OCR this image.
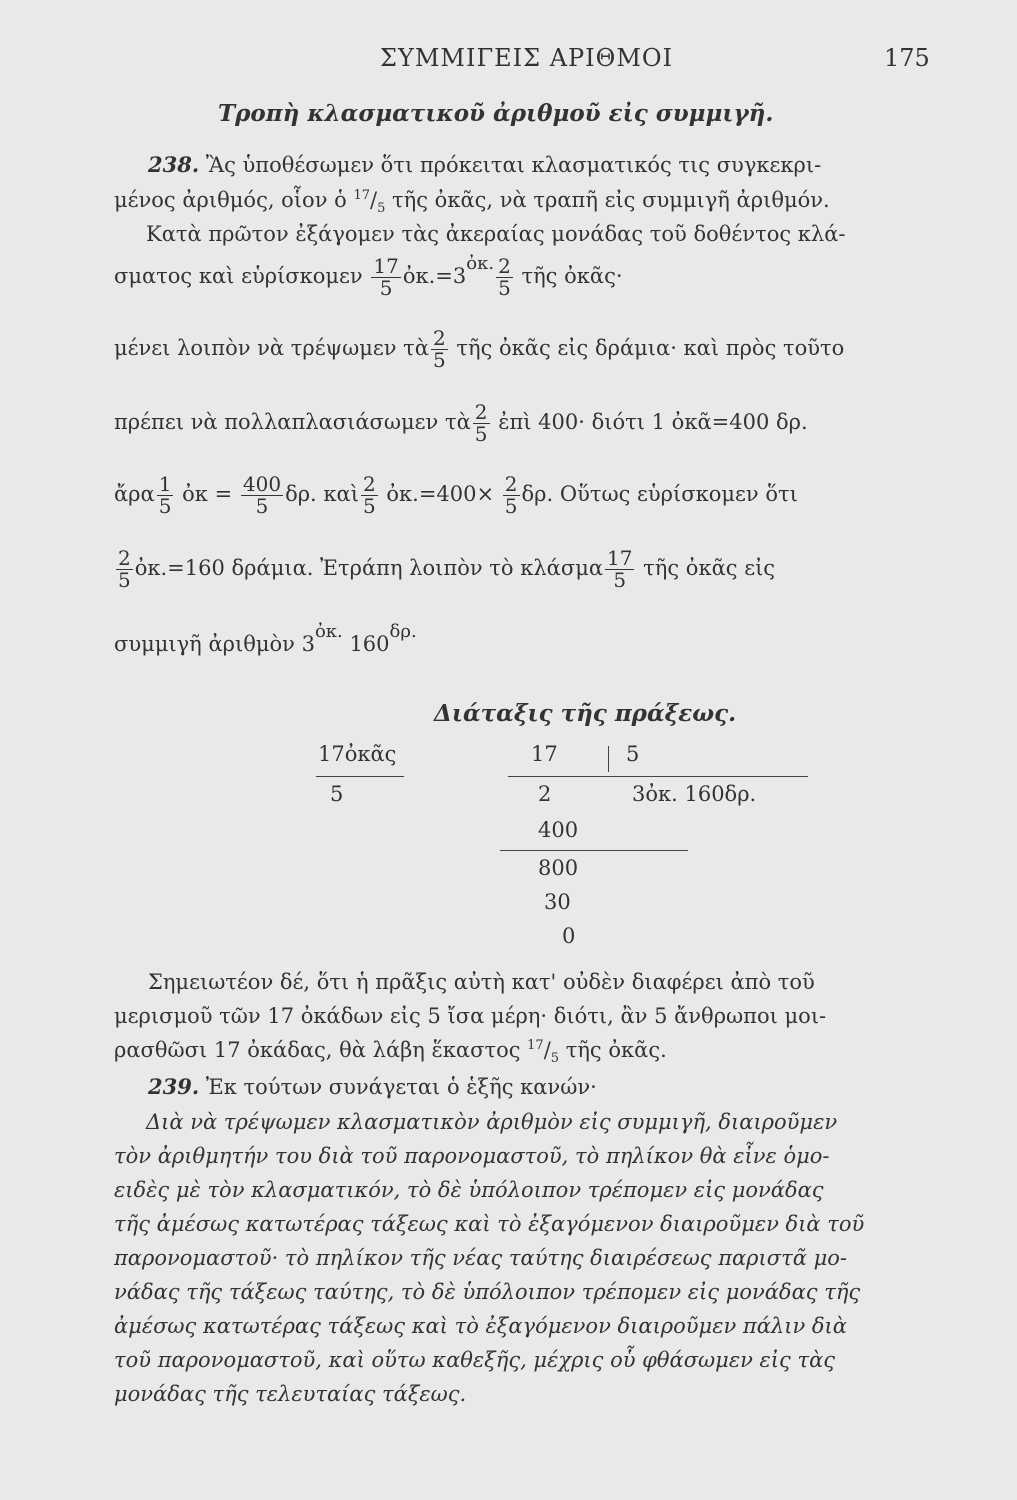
ΣΥΜΜΙΓΕΙΣ ΑΡΙΘΜΟΙ	175
Τροπὴ κλασματικοῦ ἀριθμοῦ εἰς συμμιγῆ.
238. Ἂς ὑποθέσωμεν ὅτι πρόκειται κλασματικός τις συγκεκρι-
μένος ἀριθμός, οἷον ὁ $^{17}/_5$ τῆς ὀκᾶς, νὰ τραπῆ εἰς συμμιγῆ ἀριθμόν.
Κατὰ πρῶτον ἐξάγομεν τὰς ἀκεραίας μονάδας τοῦ δοθέντος κλά-
σματος καὶ εὑρίσκομεν $\frac{17}{5}$ ὀκ.=3ὀκ. $\frac{2}{5}$ τῆς ὀκᾶς·
μένει λοιπὸν νὰ τρέψωμεν τὰ $\frac{2}{5}$ τῆς ὀκᾶς εἰς δράμια· καὶ πρὸς τοῦτο
πρέπει νὰ πολλαπλασιάσωμεν τὰ $\frac{2}{5}$ ἐπὶ 400· διότι 1 ὀκᾶ=400 δρ.
ἄρα $\frac{1}{5}$ ὀκ = $\frac{400}{5} \delta\rho$. καὶ $\frac{2}{5}$ ὀκ.=400× $\frac{2}{5} \delta\rho$. Οὕτως εὑρίσκομεν ὅτι
$\frac{2}{5}$ ὀκ.=160 δράμια. Ἐτράπη λοιπὸν τὸ κλάσμα $\frac{17}{5}$ τῆς ὀκᾶς εἰς
συμμιγῆ ἀριθμὸν 3ὀκ. 160δρ.
Διάταξις τῆς πράξεως.
17ὀκᾶς
5
17	5
2	3ὀκ. 160δρ.
400
800
30
0
Σημειωτέον δέ, ὅτι ἡ πρᾶξις αὐτὴ κατ' οὐδὲν διαφέρει ἀπὸ τοῦ
μερισμοῦ τῶν 17 ὀκάδων εἰς 5 ἴσα μέρη· διότι, ἂν 5 ἄνθρωποι μοι-
ρασθῶσι 17 ὀκάδας, θὰ λάβη ἕκαστος $^{17}/_5$ τῆς ὀκᾶς.
239. Ἐκ τούτων συνάγεται ὁ ἑξῆς κανών·
Διὰ νὰ τρέψωμεν κλασματικὸν ἀριθμὸν εἰς συμμιγῆ, διαιροῦμεν
τὸν ἀριθμητήν του διὰ τοῦ παρονομαστοῦ, τὸ πηλίκον θὰ εἶνε ὁμο-
ειδὲς μὲ τὸν κλασματικόν, τὸ δὲ ὑπόλοιπον τρέπομεν εἰς μονάδας
τῆς ἀμέσως κατωτέρας τάξεως καὶ τὸ ἐξαγόμενον διαιροῦμεν διὰ τοῦ
παρονομαστοῦ· τὸ πηλίκον τῆς νέας ταύτης διαιρέσεως παριστᾶ μο-
νάδας τῆς τάξεως ταύτης, τὸ δὲ ὑπόλοιπον τρέπομεν εἰς μονάδας τῆς
ἀμέσως κατωτέρας τάξεως καὶ τὸ ἐξαγόμενον διαιροῦμεν πάλιν διὰ
τοῦ παρονομαστοῦ, καὶ οὕτω καθεξῆς, μέχρις οὗ φθάσωμεν εἰς τὰς
μονάδας τῆς τελευταίας τάξεως.
